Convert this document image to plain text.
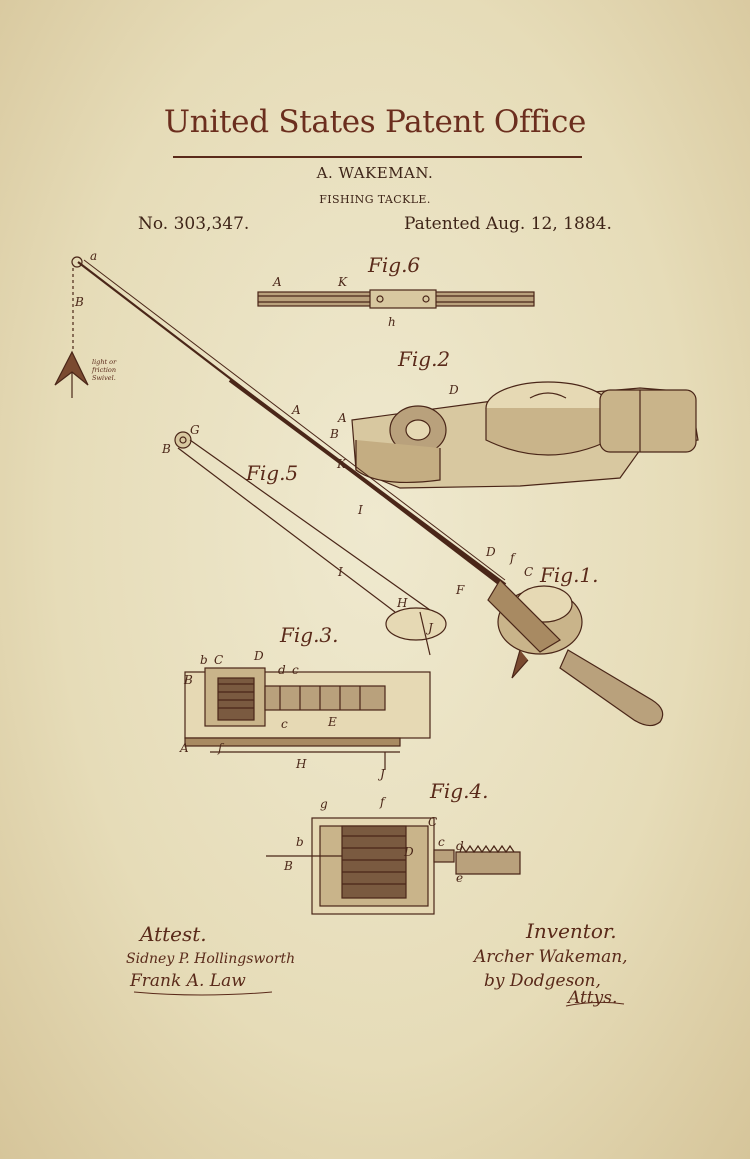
United States Patent Office
A. WAKEMAN.
FISHING TACKLE.
No. 303,347.	Patented Aug. 12, 1884.
a
B
A	K
h
D
A
B
A
K
I
G
B
I
H
J
D f
C
F
b C	D
d c
B
c	E
A f
H
J
g	f
C
b
B
D
c d
e
Fig.6
Fig.2
Fig.5
Fig.1.
Fig.3.
Fig.4.
light or
friction
Swivel.
Attest.
Sidney P. Hollingsworth
Frank A. Law
Inventor.
Archer Wakeman,
by Dodgeson,
Attys.
